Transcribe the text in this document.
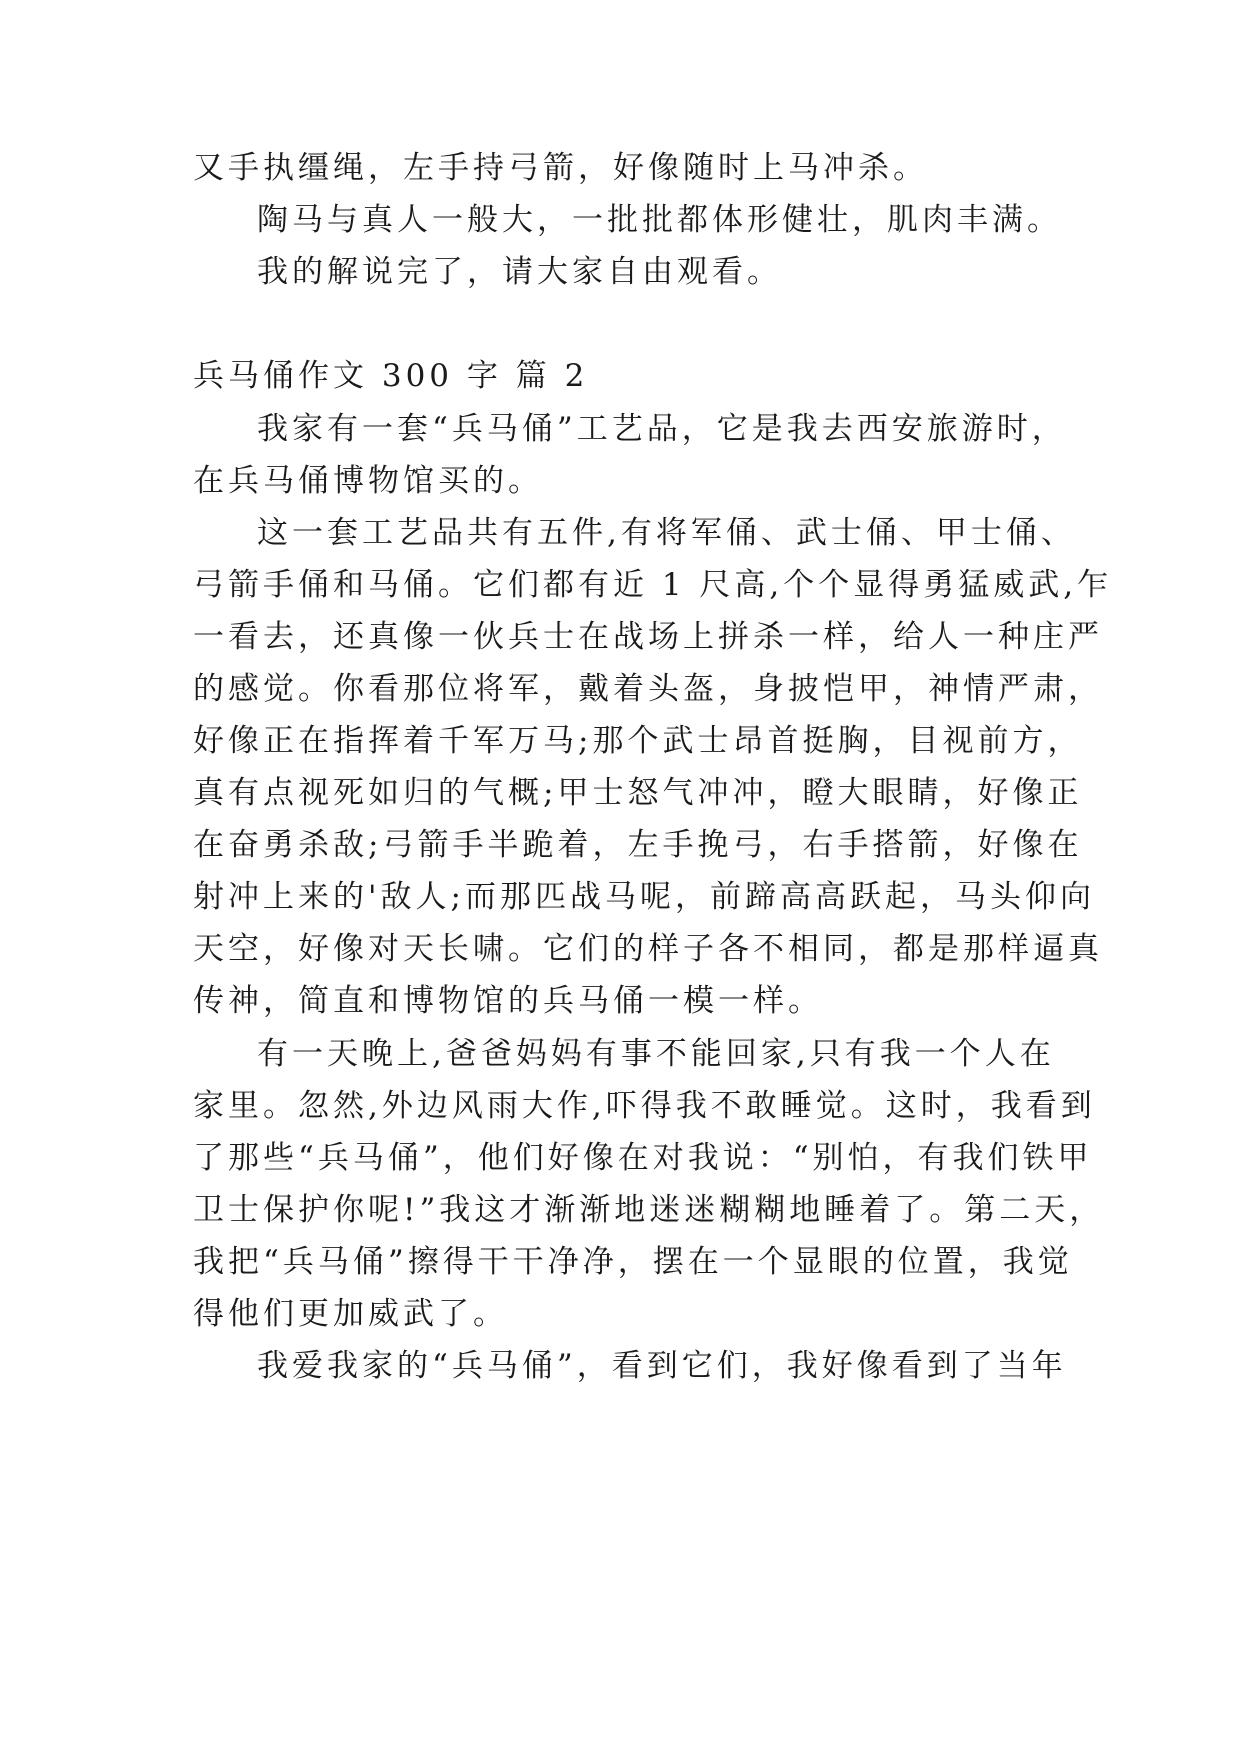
又手执缰绳，左手持弓箭，好像随时上马冲杀。
陶马与真人一般大，一批批都体形健壮，肌肉丰满。
我的解说完了，请大家自由观看。
兵马俑作文 300 字 篇 2
我家有一套“兵马俑”工艺品，它是我去西安旅游时，
在兵马俑博物馆买的。
这一套工艺品共有五件,有将军俑、武士俑、甲士俑、
弓箭手俑和马俑。它们都有近 1 尺高,个个显得勇猛威武,乍
一看去，还真像一伙兵士在战场上拼杀一样，给人一种庄严
的感觉。你看那位将军，戴着头盔，身披恺甲，神情严肃，
好像正在指挥着千军万马;那个武士昂首挺胸，目视前方，
真有点视死如归的气概;甲士怒气冲冲，瞪大眼睛，好像正
在奋勇杀敌;弓箭手半跪着，左手挽弓，右手搭箭，好像在
射冲上来的'敌人;而那匹战马呢，前蹄高高跃起，马头仰向
天空，好像对天长啸。它们的样子各不相同，都是那样逼真
传神，简直和博物馆的兵马俑一模一样。
有一天晚上,爸爸妈妈有事不能回家,只有我一个人在
家里。忽然,外边风雨大作,吓得我不敢睡觉。这时，我看到
了那些“兵马俑”，他们好像在对我说：“别怕，有我们铁甲
卫士保护你呢!”我这才渐渐地迷迷糊糊地睡着了。第二天，
我把“兵马俑”擦得干干净净，摆在一个显眼的位置，我觉
得他们更加威武了。
我爱我家的“兵马俑”，看到它们，我好像看到了当年
